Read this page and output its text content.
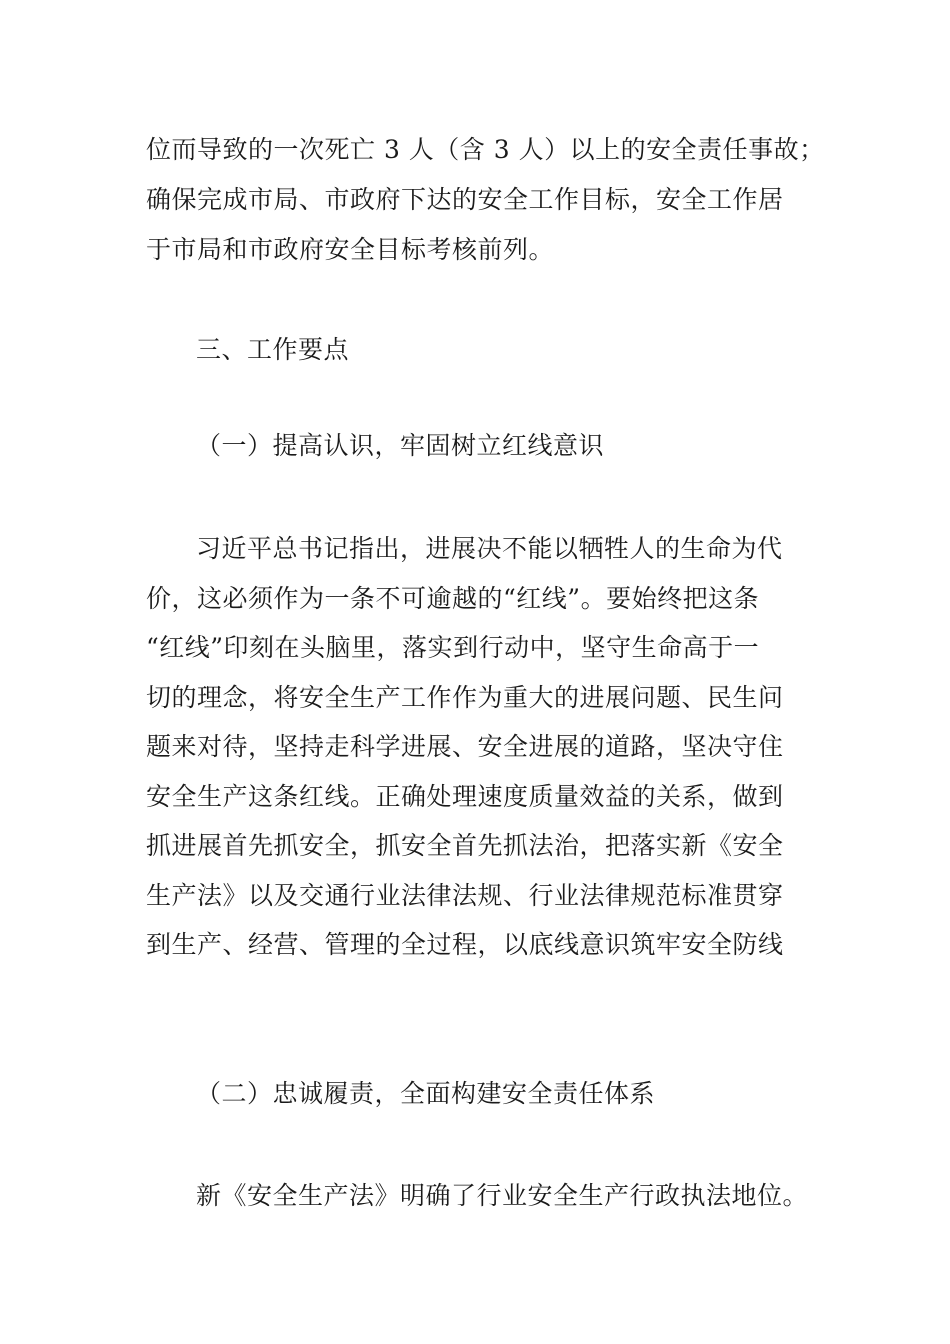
位而导致的一次死亡 3 人（含 3 人）以上的安全责任事故；
确保完成市局、市政府下达的安全工作目标，安全工作居
于市局和市政府安全目标考核前列。
三、工作要点
（一）提高认识，牢固树立红线意识
习近平总书记指出，进展决不能以牺牲人的生命为代
价，这必须作为一条不可逾越的“红线”。要始终把这条
“红线”印刻在头脑里，落实到行动中，坚守生命高于一
切的理念，将安全生产工作作为重大的进展问题、民生问
题来对待，坚持走科学进展、安全进展的道路，坚决守住
安全生产这条红线。正确处理速度质量效益的关系，做到
抓进展首先抓安全，抓安全首先抓法治，把落实新《安全
生产法》以及交通行业法律法规、行业法律规范标准贯穿
到生产、经营、管理的全过程，以底线意识筑牢安全防线
（二）忠诚履责，全面构建安全责任体系
新《安全生产法》明确了行业安全生产行政执法地位。
